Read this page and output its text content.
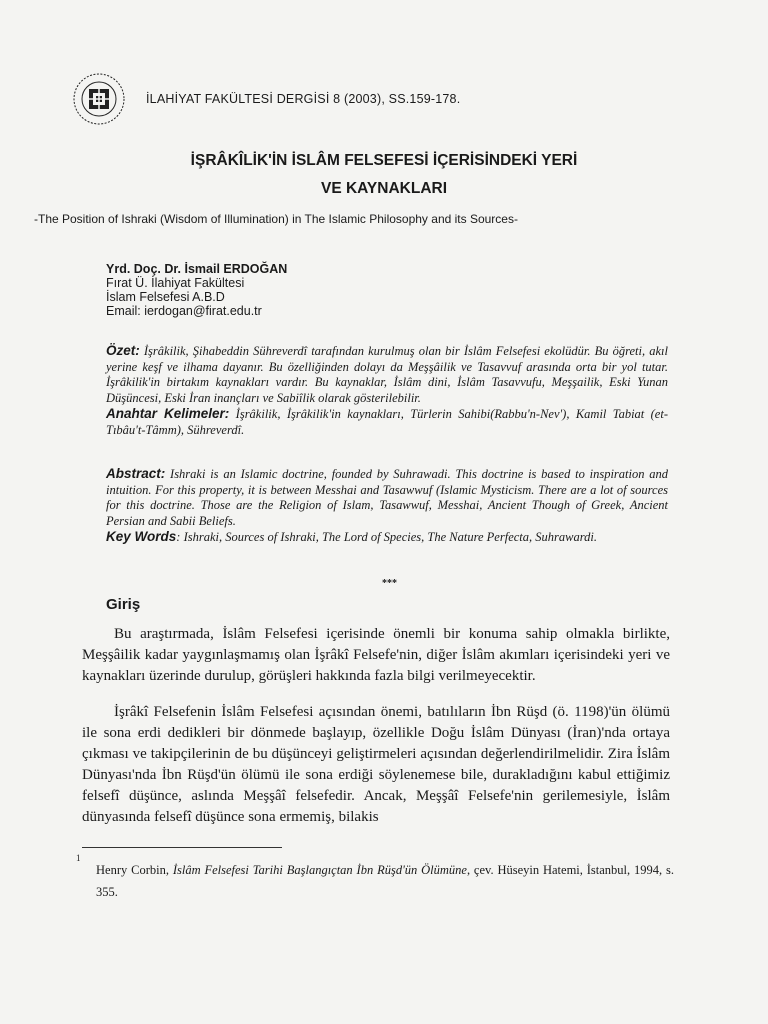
İLAHİYAT FAKÜLTESİ DERGİSİ 8 (2003), SS.159-178.
İŞRÂKÎLİK'İN İSLÂM FELSEFESİ İÇERİSİNDEKİ YERİ
VE KAYNAKLARI
-The Position of Ishraki (Wisdom of Illumination) in The Islamic Philosophy and its Sources-
Yrd. Doç. Dr. İsmail ERDOĞAN
Fırat Ü. İlahiyat Fakültesi
İslam Felsefesi A.B.D
Email: ierdogan@firat.edu.tr
Özet: İşrâkilik, Şihabeddin Sühreverdî tarafından kurulmuş olan bir İslâm Felsefesi ekolüdür. Bu öğreti, akıl yerine keşf ve ilhama dayanır. Bu özelliğinden dolayı da Meşşâilik ve Tasavvuf arasında orta bir yol tutar. İşrâkilik'in birtakım kaynakları vardır. Bu kaynaklar, İslâm dini, İslâm Tasavvufu, Meşşailik, Eski Yunan Düşüncesi, Eski İran inançları ve Sabiîlik olarak gösterilebilir.
Anahtar Kelimeler: İşrâkilik, İşrâkilik'in kaynakları, Türlerin Sahibi(Rabbu'n-Nev'), Kamil Tabiat (et-Tıbâu't-Tâmm), Sühreverdî.
Abstract: Ishraki is an Islamic doctrine, founded by Suhrawadi. This doctrine is based to inspiration and intuition. For this property, it is between Messhai and Tasawwuf (Islamic Mysticism. There are a lot of sources for this doctrine. Those are the Religion of Islam, Tasawwuf, Messhai, Ancient Though of Greek, Ancient Persian and Sabii Beliefs.
Key Words: Ishraki, Sources of Ishraki, The Lord of Species, The Nature Perfecta, Suhrawardi.
***
Giriş
Bu araştırmada, İslâm Felsefesi içerisinde önemli bir konuma sahip olmakla birlikte, Meşşâilik kadar yaygınlaşmamış olan İşrâkî Felsefe'nin, diğer İslâm akımları içerisindeki yeri ve kaynakları üzerinde durulup, görüşleri hakkında fazla bilgi verilmeyecektir.
İşrâkî Felsefenin İslâm Felsefesi açısından önemi, batılıların İbn Rüşd (ö. 1198)'ün ölümü ile sona erdi dedikleri bir dönmede başlayıp, özellikle Doğu İslâm Dünyası (İran)'nda ortaya çıkması ve takipçilerinin de bu düşünceyi geliştirmeleri açısından değerlendirilmelidir. Zira İslâm Dünyası'nda İbn Rüşd'ün ölümü ile sona erdiği söylenemese bile, durakladığını kabul ettiğimiz felsefî düşünce, aslında Meşşâî felsefedir. Ancak, Meşşâî Felsefe'nin gerilemesiyle, İslâm dünyasında felsefî düşünce sona ermemiş, bilakis
1
Henry Corbin, İslâm Felsefesi Tarihi Başlangıçtan İbn Rüşd'ün Ölümüne, çev. Hüseyin Hatemi, İstanbul, 1994, s. 355.
